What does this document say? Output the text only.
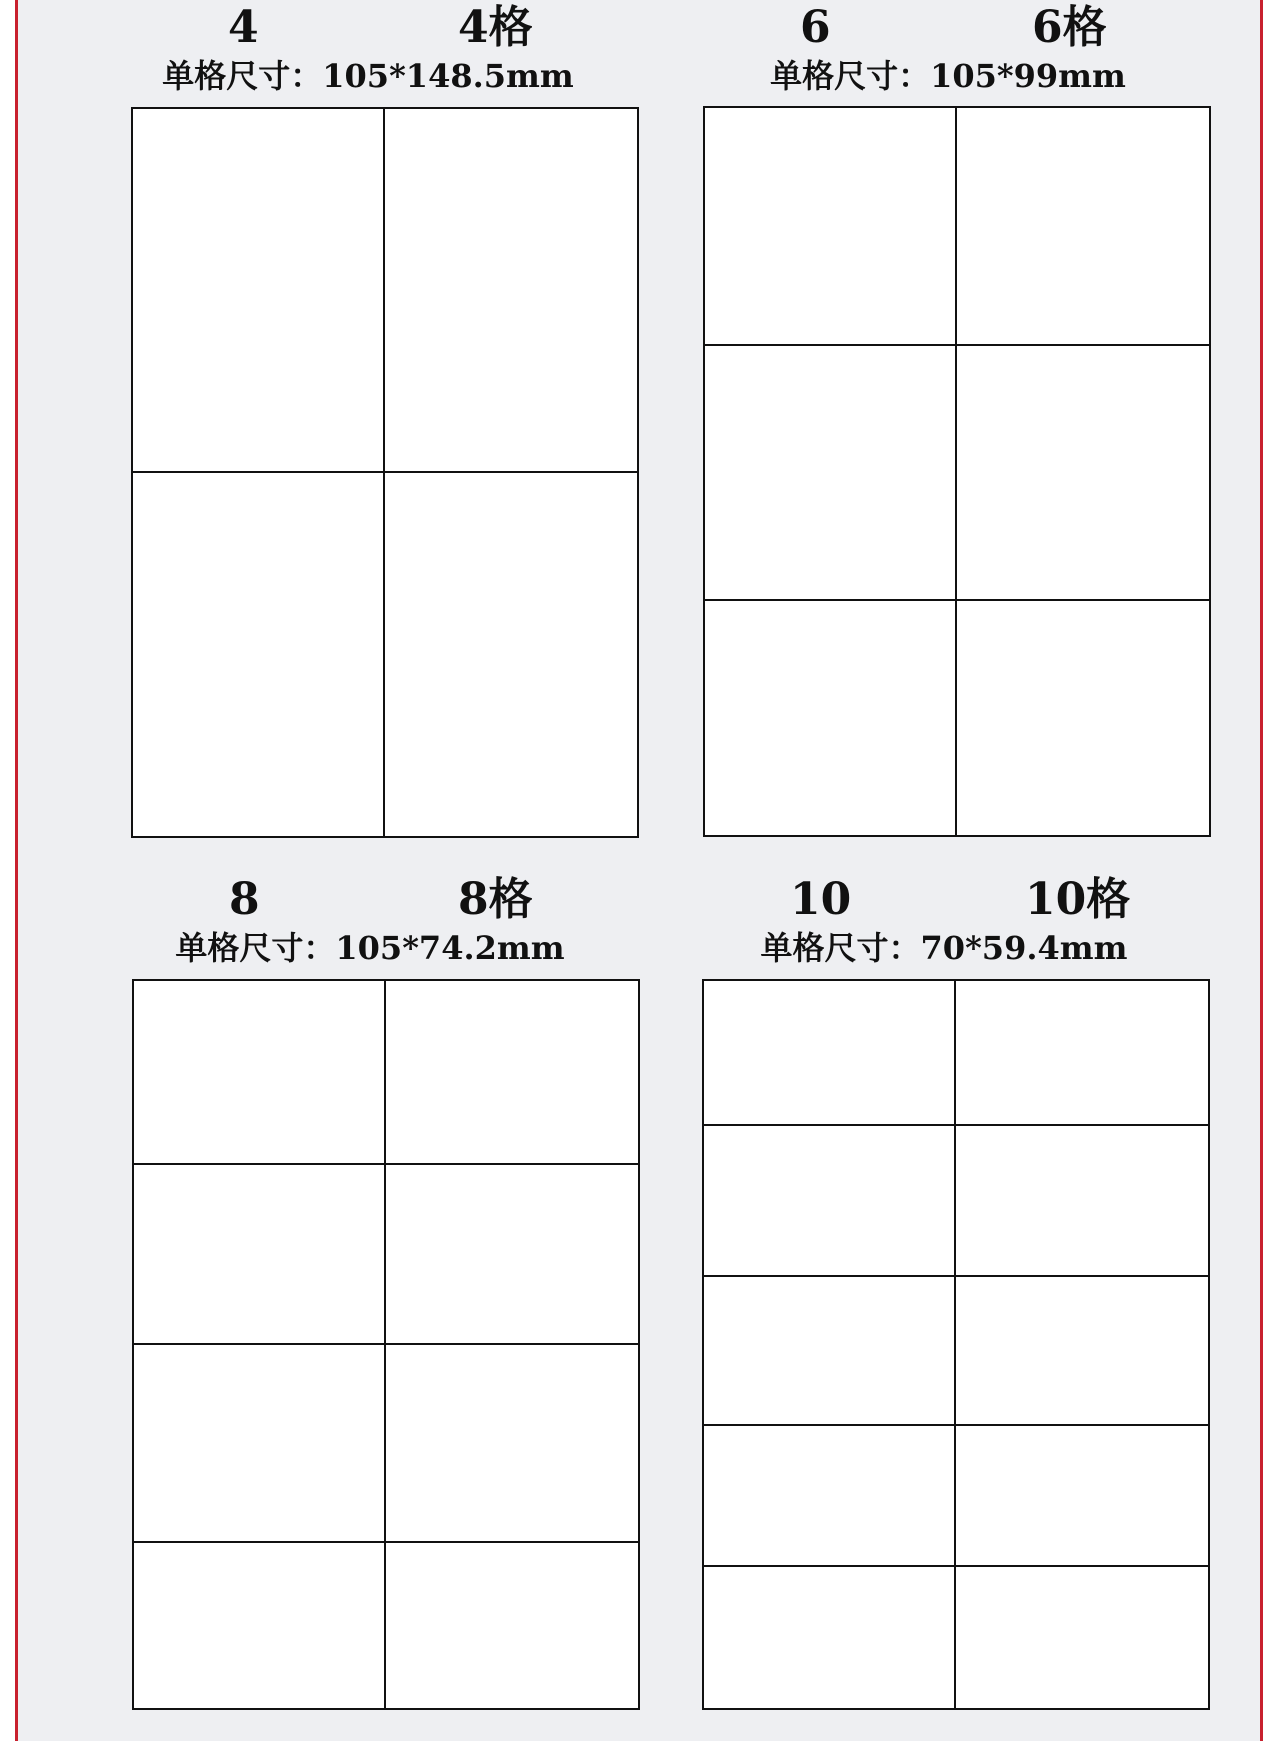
4	4格
单格尺寸：105*148.5mm
6	6格
单格尺寸：105*99mm
8	8格
单格尺寸：105*74.2mm
10	10格
单格尺寸：70*59.4mm
